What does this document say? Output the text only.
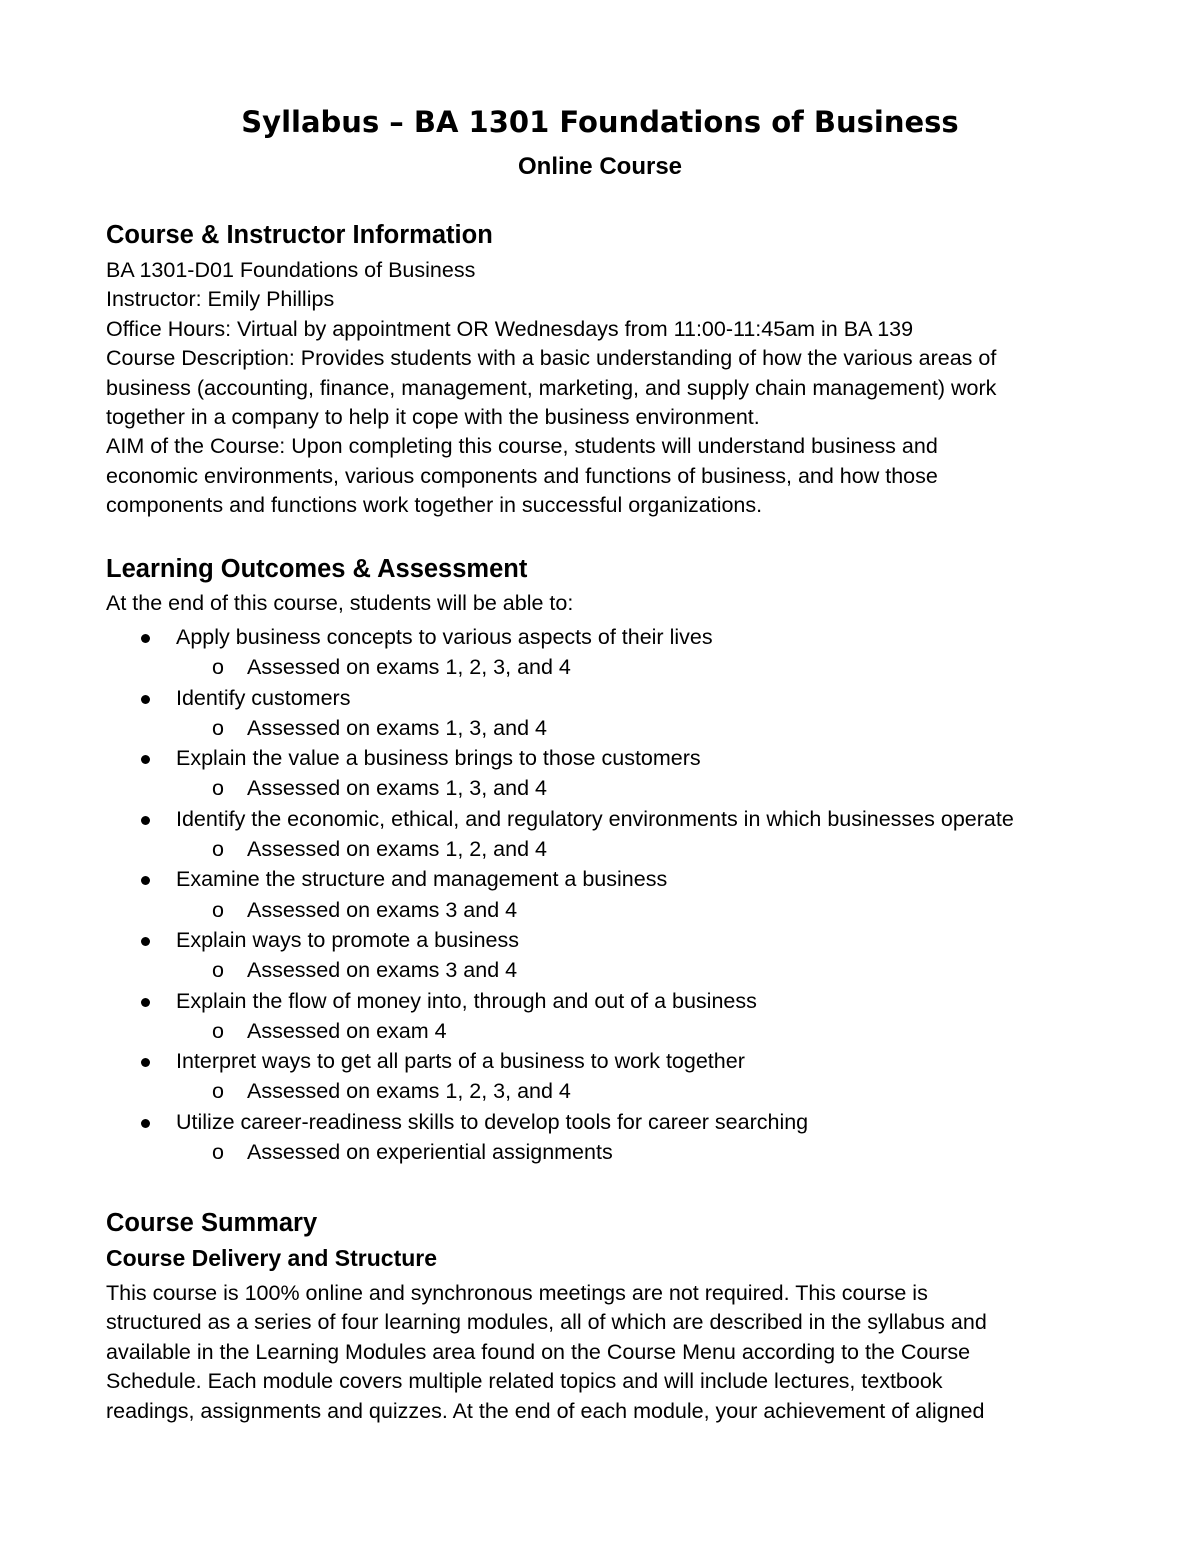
Syllabus – BA 1301 Foundations of Business
Online Course
Course & Instructor Information
BA 1301-D01 Foundations of Business
Instructor: Emily Phillips
Office Hours: Virtual by appointment OR Wednesdays from 11:00-11:45am in BA 139
Course Description: Provides students with a basic understanding of how the various areas of
business (accounting, finance, management, marketing, and supply chain management) work
together in a company to help it cope with the business environment.
AIM of the Course: Upon completing this course, students will understand business and
economic environments, various components and functions of business, and how those
components and functions work together in successful organizations.
Learning Outcomes & Assessment
At the end of this course, students will be able to:
Apply business concepts to various aspects of their lives
o Assessed on exams 1, 2, 3, and 4
Identify customers
o Assessed on exams 1, 3, and 4
Explain the value a business brings to those customers
o Assessed on exams 1, 3, and 4
Identify the economic, ethical, and regulatory environments in which businesses operate
o Assessed on exams 1, 2, and 4
Examine the structure and management a business
o Assessed on exams 3 and 4
Explain ways to promote a business
o Assessed on exams 3 and 4
Explain the flow of money into, through and out of a business
o Assessed on exam 4
Interpret ways to get all parts of a business to work together
o Assessed on exams 1, 2, 3, and 4
Utilize career-readiness skills to develop tools for career searching
o Assessed on experiential assignments
Course Summary
Course Delivery and Structure
This course is 100% online and synchronous meetings are not required. This course is
structured as a series of four learning modules, all of which are described in the syllabus and
available in the Learning Modules area found on the Course Menu according to the Course
Schedule. Each module covers multiple related topics and will include lectures, textbook
readings, assignments and quizzes. At the end of each module, your achievement of aligned
